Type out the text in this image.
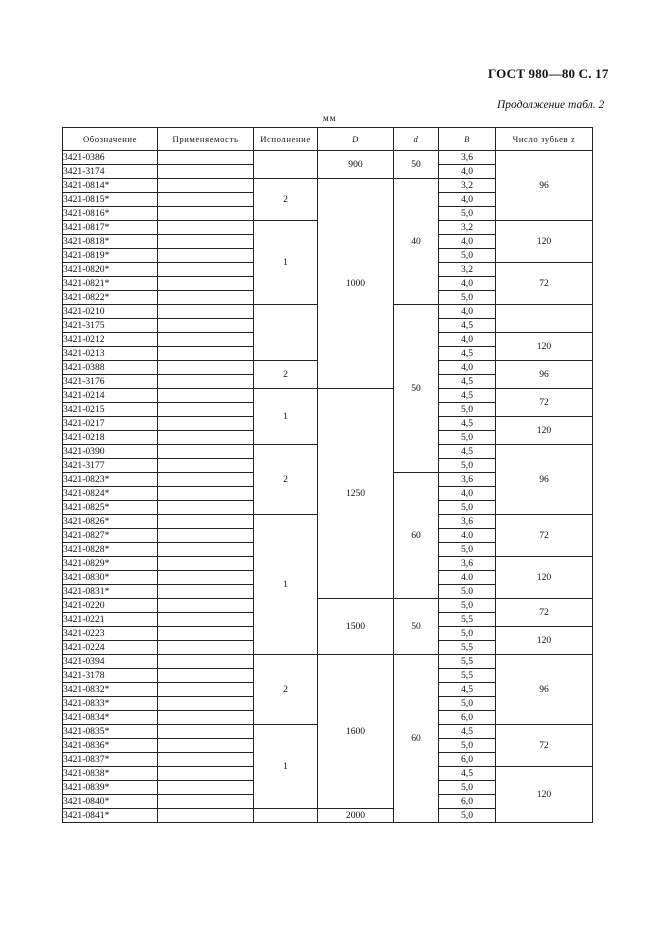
ГОСТ 980—80 С. 17
Продолжение табл. 2
мм
Обозначение	Применяемость	Исполнение	D	d	B	Число зубьев z
3421-0386			900	50	3,6	96
3421-3174					4,0	
3421-0814*		2	1000	40	3,2	
3421-0815*					4,0	
3421-0816*					5,0	
3421-0817*		1			3,2	120
3421-0818*					4,0	
3421-0819*					5,0	
3421-0820*					3,2	72
3421-0821*					4,0	
3421-0822*					5,0	
3421-0210				50	4,0	
3421-3175					4,5	
3421-0212					4,0	120
3421-0213					4,5	
3421-0388		2			4,0	96
3421-3176					4,5	
3421-0214		1	1250		4,5	72
3421-0215					5,0	
3421-0217					4,5	120
3421-0218					5,0	
3421-0390		2			4,5	96
3421-3177					5,0	
3421-0823*				60	3,6	
3421-0824*					4,0	
3421-0825*					5,0	
3421-0826*		1			3,6	72
3421-0827*					4.0	
3421-0828*					5,0	
3421-0829*					3,6	120
3421-0830*					4.0	
3421-0831*					5.0	
3421-0220			1500	50	5,0	72
3421-0221					5,5	
3421-0223					5,0	120
3421-0224					5,5	
3421-0394		2	1600	60	5,5	96
3421-3178					5,5	
3421-0832*					4,5	
3421-0833*					5,0	
3421-0834*					6,0	
3421-0835*		1			4,5	72
3421-0836*					5,0	
3421-0837*					6,0	
3421-0838*					4,5	120
3421-0839*					5,0	
3421-0840*					6,0	
3421-0841*			2000		5,0	
